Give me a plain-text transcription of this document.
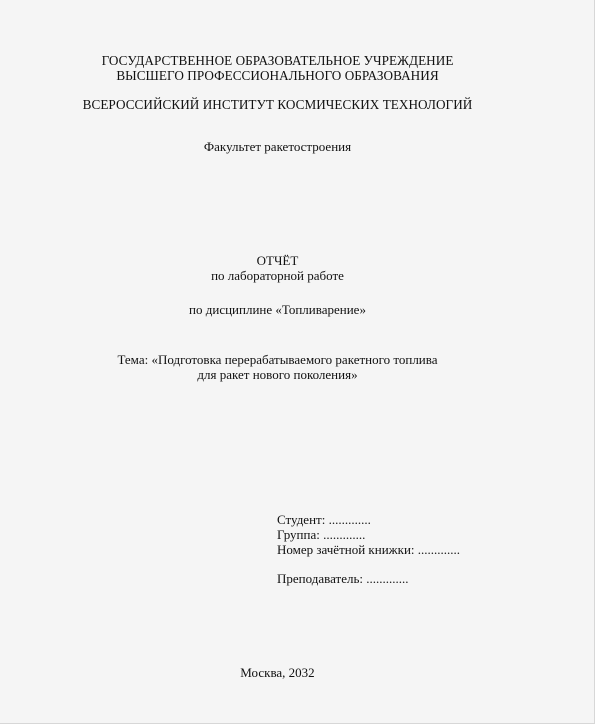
ГОСУДАРСТВЕННОЕ ОБРАЗОВАТЕЛЬНОЕ УЧРЕЖДЕНИЕ
ВЫСШЕГО ПРОФЕССИОНАЛЬНОГО ОБРАЗОВАНИЯ
ВСЕРОССИЙСКИЙ ИНСТИТУТ КОСМИЧЕСКИХ ТЕХНОЛОГИЙ
Факультет ракетостроения
ОТЧЁТ
по лабораторной работе
по дисциплине «Топливарение»
Тема: «Подготовка перерабатываемого ракетного топлива
для ракет нового поколения»
Студент: .............
Группа: .............
Номер зачётной книжки: .............
Преподаватель: .............
Москва, 2032
